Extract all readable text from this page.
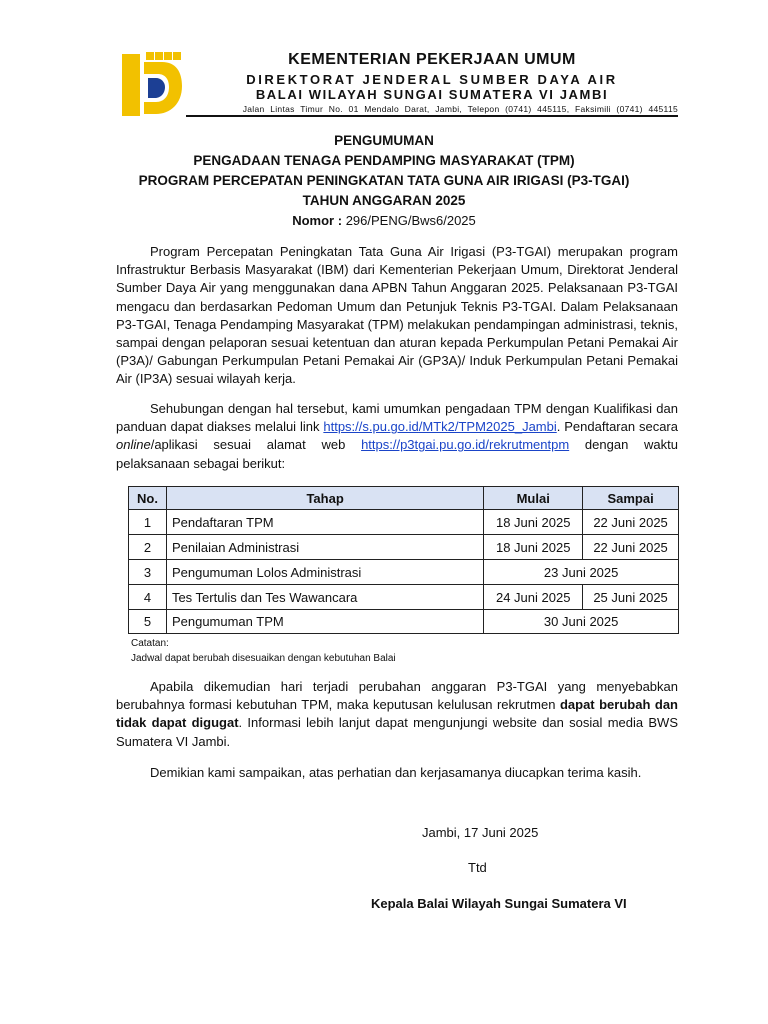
KEMENTERIAN PEKERJAAN UMUM
DIREKTORAT JENDERAL SUMBER DAYA AIR
BALAI WILAYAH SUNGAI SUMATERA VI JAMBI
Jalan Lintas Timur No. 01 Mendalo Darat, Jambi, Telepon (0741) 445115, Faksimili (0741) 445115
PENGUMUMAN
PENGADAAN TENAGA PENDAMPING MASYARAKAT (TPM)
PROGRAM PERCEPATAN PENINGKATAN TATA GUNA AIR IRIGASI (P3-TGAI)
TAHUN ANGGARAN 2025
Nomor : 296/PENG/Bws6/2025
Program Percepatan Peningkatan Tata Guna Air Irigasi (P3-TGAI) merupakan program Infrastruktur Berbasis Masyarakat (IBM) dari Kementerian Pekerjaan Umum, Direktorat Jenderal Sumber Daya Air yang menggunakan dana APBN Tahun Anggaran 2025. Pelaksanaan P3-TGAI mengacu dan berdasarkan Pedoman Umum dan Petunjuk Teknis P3-TGAI. Dalam Pelaksanaan P3-TGAI, Tenaga Pendamping Masyarakat (TPM) melakukan pendampingan administrasi, teknis, sampai dengan pelaporan sesuai ketentuan dan aturan kepada Perkumpulan Petani Pemakai Air (P3A)/ Gabungan Perkumpulan Petani Pemakai Air (GP3A)/ Induk Perkumpulan Petani Pemakai Air (IP3A) sesuai wilayah kerja.
Sehubungan dengan hal tersebut, kami umumkan pengadaan TPM dengan Kualifikasi dan panduan dapat diakses melalui link https://s.pu.go.id/MTk2/TPM2025_Jambi. Pendaftaran secara online/aplikasi sesuai alamat web https://p3tgai.pu.go.id/rekrutmentpm dengan waktu pelaksanaan sebagai berikut:
No.	Tahap	Mulai	Sampai
1	Pendaftaran TPM	18 Juni 2025	22 Juni 2025
2	Penilaian Administrasi	18 Juni 2025	22 Juni 2025
3	Pengumuman Lolos Administrasi	23 Juni 2025	
4	Tes Tertulis dan Tes Wawancara	24 Juni 2025	25 Juni 2025
5	Pengumuman TPM	30 Juni 2025	
Catatan:
Jadwal dapat berubah disesuaikan dengan kebutuhan Balai
Apabila dikemudian hari terjadi perubahan anggaran P3-TGAI yang menyebabkan berubahnya formasi kebutuhan TPM, maka keputusan kelulusan rekrutmen dapat berubah dan tidak dapat digugat. Informasi lebih lanjut dapat mengunjungi website dan sosial media BWS Sumatera VI Jambi.
Demikian kami sampaikan, atas perhatian dan kerjasamanya diucapkan terima kasih.
Jambi, 17 Juni 2025
Ttd
Kepala Balai Wilayah Sungai Sumatera VI
